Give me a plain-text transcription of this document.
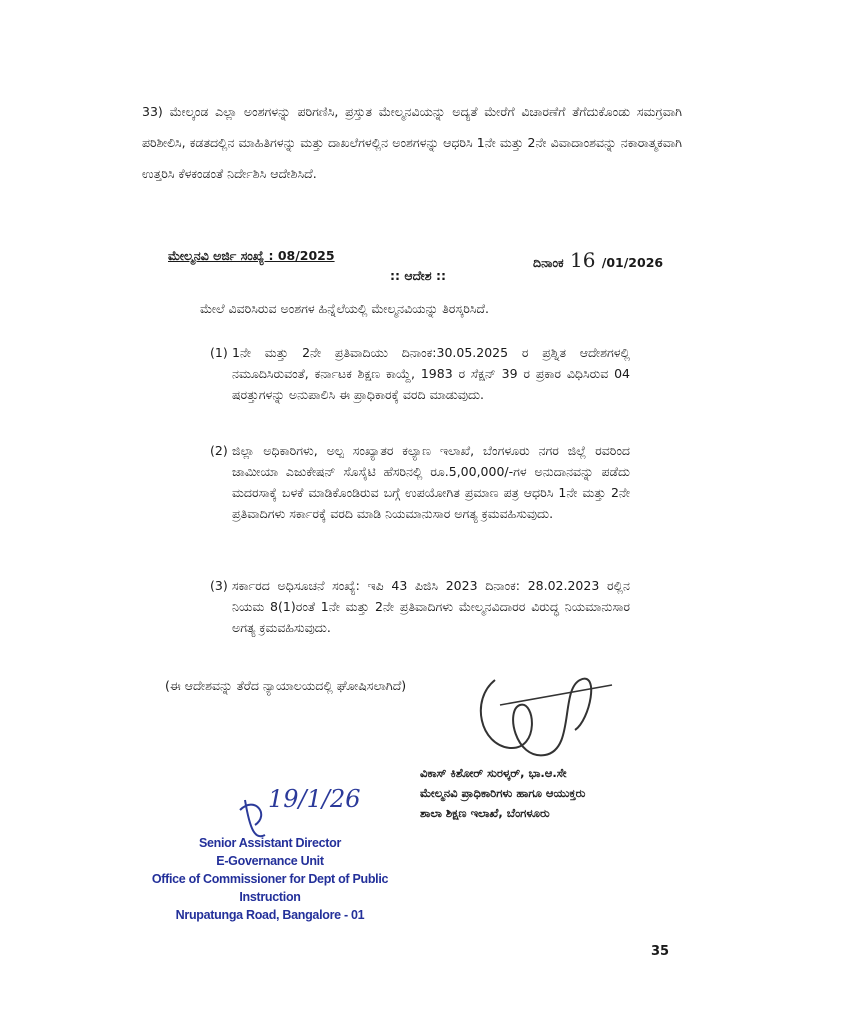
33) ಮೇಲ್ಕಂಡ ಎಲ್ಲಾ ಅಂಶಗಳನ್ನು ಪರಿಗಣಿಸಿ, ಪ್ರಸ್ತುತ ಮೇಲ್ಮನವಿಯನ್ನು ಅದ್ಯತೆ ಮೇರೆಗೆ ವಿಚಾರಣೆಗೆ ತೆಗೆದುಕೊಂಡು ಸಮಗ್ರವಾಗಿ ಪರಿಶೀಲಿಸಿ, ಕಡತದಲ್ಲಿನ ಮಾಹಿತಿಗಳನ್ನು ಮತ್ತು ದಾಖಲೆಗಳಲ್ಲಿನ ಅಂಶಗಳನ್ನು ಆಧರಿಸಿ 1ನೇ ಮತ್ತು 2ನೇ ವಿವಾದಾಂಶವನ್ನು ನಕಾರಾತ್ಮಕವಾಗಿ ಉತ್ತರಿಸಿ ಕೆಳಕಂಡಂತೆ ನಿರ್ದೇಶಿಸಿ ಆದೇಶಿಸಿದೆ.
ಮೇಲ್ಮನವಿ ಅರ್ಜಿ ಸಂಖ್ಯೆ : 08/2025	ದಿನಾಂಕ 16 /01/2026
:: ಆದೇಶ ::
ಮೇಲೆ ವಿವರಿಸಿರುವ ಅಂಶಗಳ ಹಿನ್ನೆಲೆಯಲ್ಲಿ ಮೇಲ್ಮನವಿಯನ್ನು ತಿರಸ್ಕರಿಸಿದೆ.
(1) 1ನೇ ಮತ್ತು 2ನೇ ಪ್ರತಿವಾದಿಯು ದಿನಾಂಕ:30.05.2025 ರ ಪ್ರಶ್ನಿತ ಆದೇಶಗಳಲ್ಲಿ ನಮೂದಿಸಿರುವಂತೆ, ಕರ್ನಾಟಕ ಶಿಕ್ಷಣ ಕಾಯ್ದೆ, 1983 ರ ಸೆಕ್ಷನ್ 39 ರ ಪ್ರಕಾರ ವಿಧಿಸಿರುವ 04 ಷರತ್ತುಗಳನ್ನು ಅನುಪಾಲಿಸಿ ಈ ಪ್ರಾಧಿಕಾರಕ್ಕೆ ವರದಿ ಮಾಡುವುದು.
(2) ಜಿಲ್ಲಾ ಅಧಿಕಾರಿಗಳು, ಅಲ್ಪ ಸಂಖ್ಯಾತರ ಕಲ್ಯಾಣ ಇಲಾಖೆ, ಬೆಂಗಳೂರು ನಗರ ಜಿಲ್ಲೆ ರವರಿಂದ ಜಾಮೀಯಾ ಎಜುಕೇಷನ್ ಸೊಸೈಟಿ ಹೆಸರಿನಲ್ಲಿ ರೂ.5,00,000/-ಗಳ ಅನುದಾನವನ್ನು ಪಡೆದು ಮದರಸಾಕ್ಕೆ ಬಳಕೆ ಮಾಡಿಕೊಂಡಿರುವ ಬಗ್ಗೆ ಉಪಯೋಗಿತ ಪ್ರಮಾಣ ಪತ್ರ ಆಧರಿಸಿ 1ನೇ ಮತ್ತು 2ನೇ ಪ್ರತಿವಾದಿಗಳು ಸರ್ಕಾರಕ್ಕೆ ವರದಿ ಮಾಡಿ ನಿಯಮಾನುಸಾರ ಅಗತ್ಯ ಕ್ರಮವಹಿಸುವುದು.
(3) ಸರ್ಕಾರದ ಅಧಿಸೂಚನೆ ಸಂಖ್ಯೆ: ಇಪಿ 43 ಪಿಜಿಸಿ 2023 ದಿನಾಂಕ: 28.02.2023 ರಲ್ಲಿನ ನಿಯಮ 8(1)ರಂತೆ 1ನೇ ಮತ್ತು 2ನೇ ಪ್ರತಿವಾದಿಗಳು ಮೇಲ್ಮನವಿದಾರರ ವಿರುದ್ಧ ನಿಯಮಾನುಸಾರ ಅಗತ್ಯ ಕ್ರಮವಹಿಸುವುದು.
(ಈ ಆದೇಶವನ್ನು ತೆರೆದ ನ್ಯಾಯಾಲಯದಲ್ಲಿ ಘೋಷಿಸಲಾಗಿದೆ)
19/1/26
ವಿಕಾಸ್ ಕಿಶೋರ್ ಸುರಳ್ಕರ್, ಭಾ.ಆ.ಸೇ
ಮೇಲ್ಮನವಿ ಪ್ರಾಧಿಕಾರಿಗಳು ಹಾಗೂ ಆಯುಕ್ತರು
ಶಾಲಾ ಶಿಕ್ಷಣ ಇಲಾಖೆ, ಬೆಂಗಳೂರು
Senior Assistant Director
E-Governance Unit
Office of Commissioner for Dept of Public Instruction
Nrupatunga Road, Bangalore - 01
35
